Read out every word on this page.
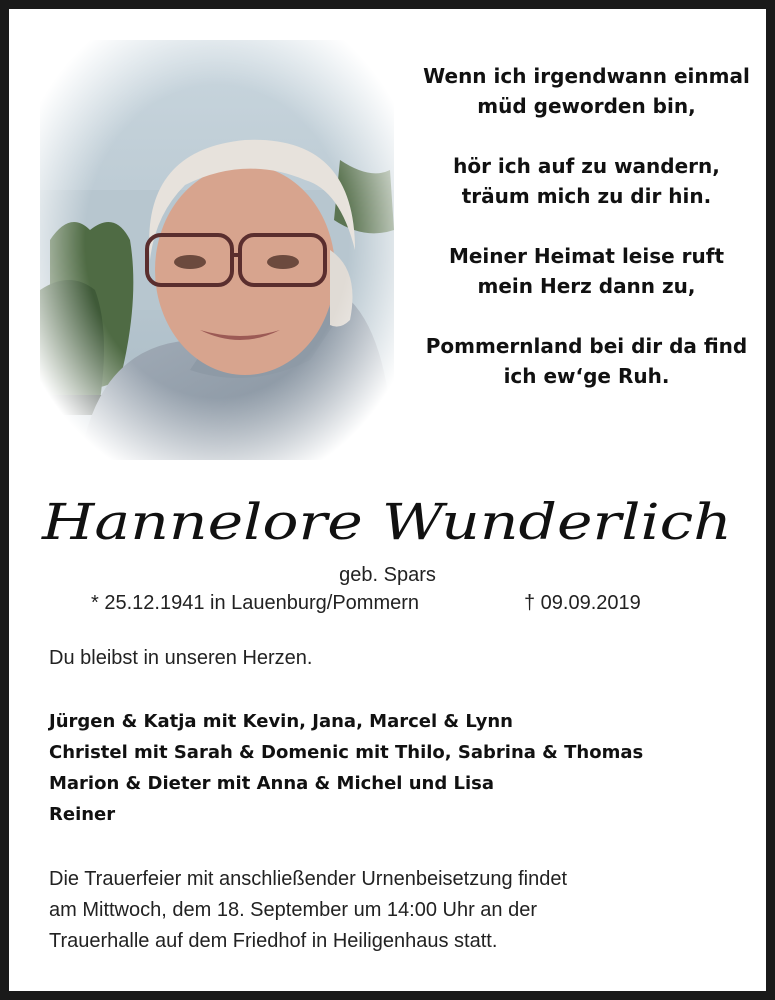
Wenn ich irgendwann einmal
müd geworden bin,
hör ich auf zu wandern,
träum mich zu dir hin.
Meiner Heimat leise ruft
mein Herz dann zu,
Pommernland bei dir da find
ich ew‘ge Ruh.
Hannelore Wunderlich
geb. Spars
* 25.12.1941 in Lauenburg/Pommern	† 09.09.2019
Du bleibst in unseren Herzen.
Jürgen & Katja mit Kevin, Jana, Marcel & Lynn
Christel mit Sarah & Domenic mit Thilo, Sabrina & Thomas
Marion & Dieter mit Anna & Michel und Lisa
Reiner
Die Trauerfeier mit anschließender Urnenbeisetzung findet
am Mittwoch, dem 18. September um 14:00 Uhr an der
Trauerhalle auf dem Friedhof in Heiligenhaus statt.
